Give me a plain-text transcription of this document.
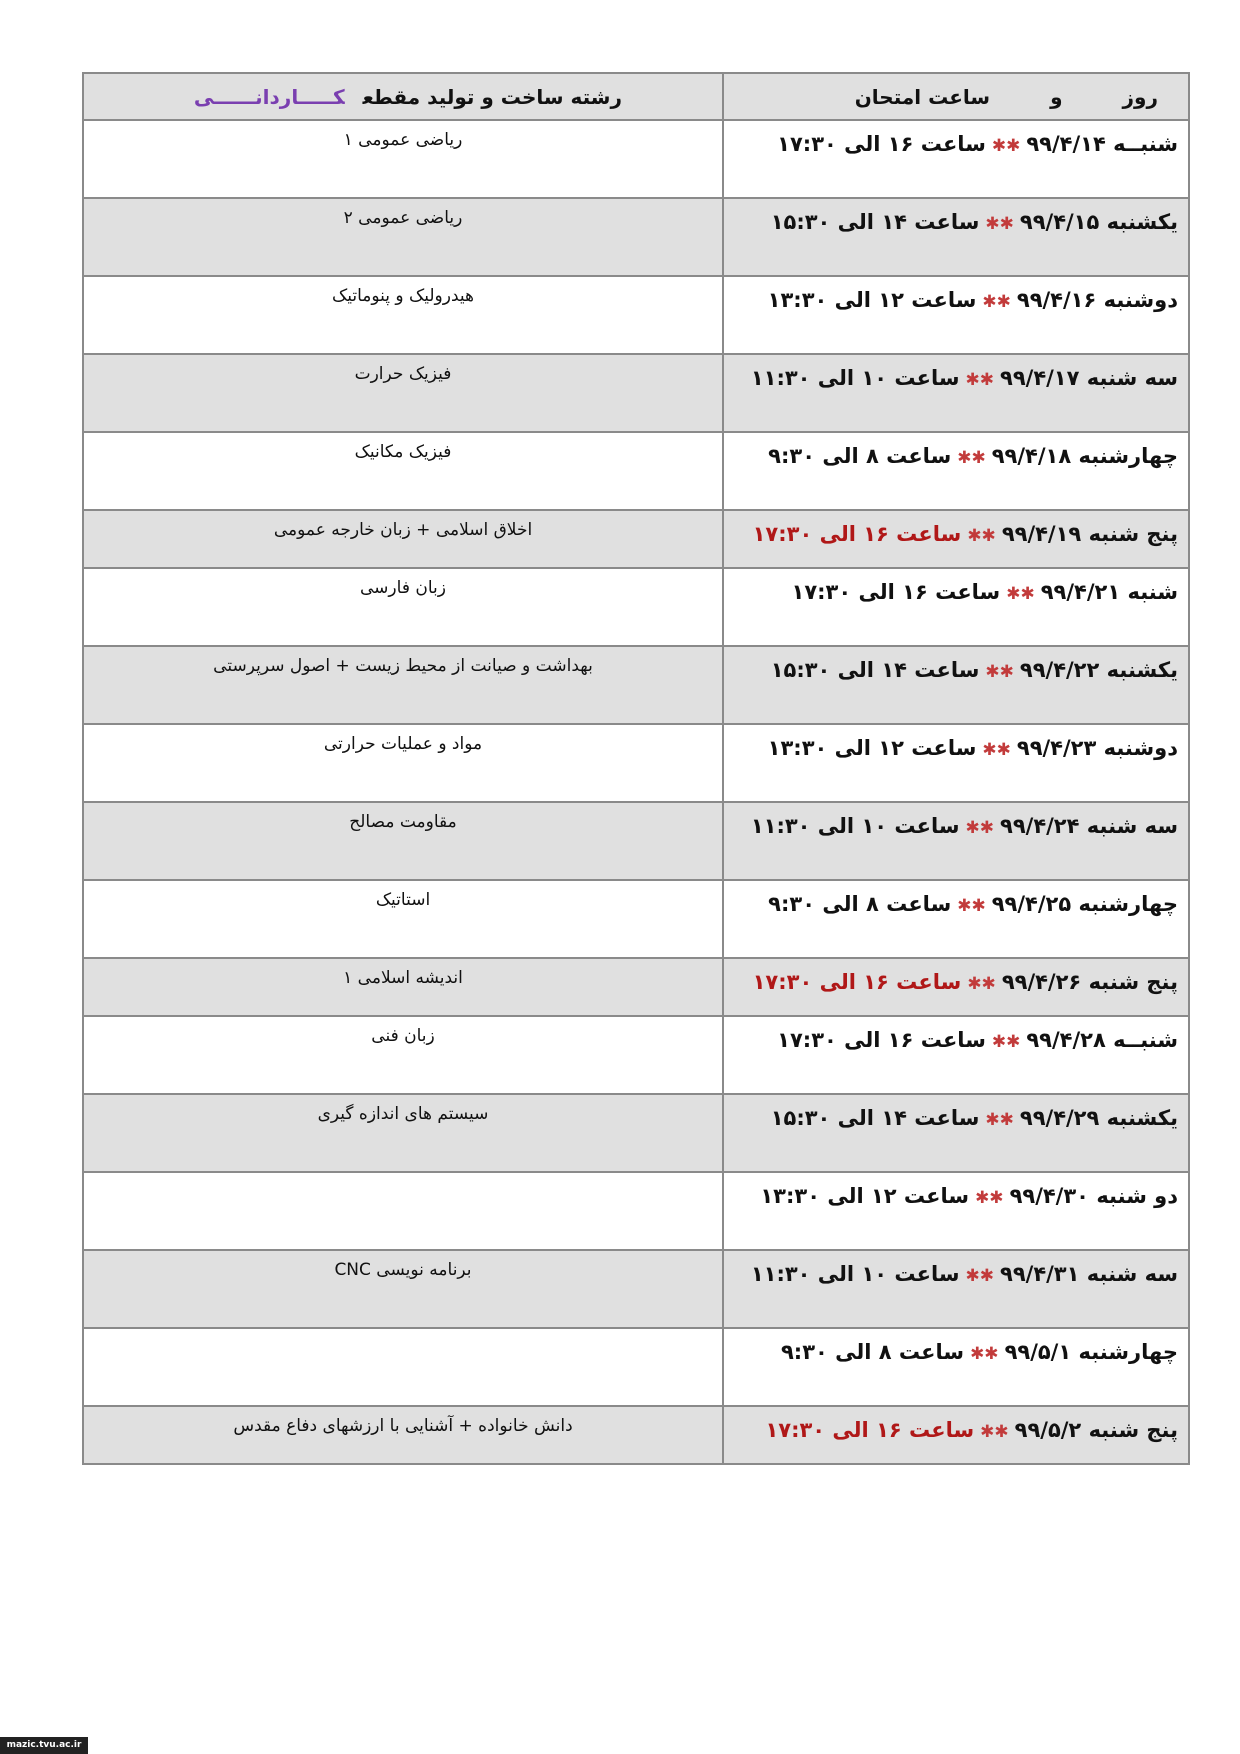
روزوساعت امتحان	رشته ساخت و تولید مقطعکـــــاردانــــــی
شنبــه ۹۹/۴/۱۴✱✱ساعت ۱۶ الی ۱۷:۳۰	ریاضی عمومی ۱
یکشنبه ۹۹/۴/۱۵✱✱ساعت ۱۴ الی ۱۵:۳۰	ریاضی عمومی ۲
دوشنبه ۹۹/۴/۱۶✱✱ساعت ۱۲ الی ۱۳:۳۰	هیدرولیک و پنوماتیک
سه شنبه ۹۹/۴/۱۷✱✱ساعت ۱۰ الی ۱۱:۳۰	فیزیک حرارت
چهارشنبه ۹۹/۴/۱۸✱✱ساعت ۸ الی ۹:۳۰	فیزیک مکانیک
پنج شنبه ۹۹/۴/۱۹✱✱ساعت ۱۶ الی ۱۷:۳۰	اخلاق اسلامی + زبان خارجه عمومی
شنبه ۹۹/۴/۲۱✱✱ساعت ۱۶ الی ۱۷:۳۰	زبان فارسی
یکشنبه ۹۹/۴/۲۲✱✱ساعت ۱۴ الی ۱۵:۳۰	بهداشت و صیانت از محیط زیست + اصول سرپرستی
دوشنبه ۹۹/۴/۲۳✱✱ساعت ۱۲ الی ۱۳:۳۰	مواد و عملیات حرارتی
سه شنبه ۹۹/۴/۲۴✱✱ساعت ۱۰ الی ۱۱:۳۰	مقاومت مصالح
چهارشنبه ۹۹/۴/۲۵✱✱ساعت ۸ الی ۹:۳۰	استاتیک
پنج شنبه ۹۹/۴/۲۶✱✱ساعت ۱۶ الی ۱۷:۳۰	اندیشه اسلامی ۱
شنبــه ۹۹/۴/۲۸✱✱ساعت ۱۶ الی ۱۷:۳۰	زبان فنی
یکشنبه ۹۹/۴/۲۹✱✱ساعت ۱۴ الی ۱۵:۳۰	سیستم های اندازه گیری
دو شنبه ۹۹/۴/۳۰✱✱ساعت ۱۲ الی ۱۳:۳۰	
سه شنبه ۹۹/۴/۳۱✱✱ساعت ۱۰ الی ۱۱:۳۰	برنامه نویسی CNC
چهارشنبه ۹۹/۵/۱✱✱ساعت ۸ الی ۹:۳۰	
پنج شنبه ۹۹/۵/۲✱✱ساعت ۱۶ الی ۱۷:۳۰	دانش خانواده + آشنایی با ارزشهای دفاع مقدس
mazic.tvu.ac.ir
